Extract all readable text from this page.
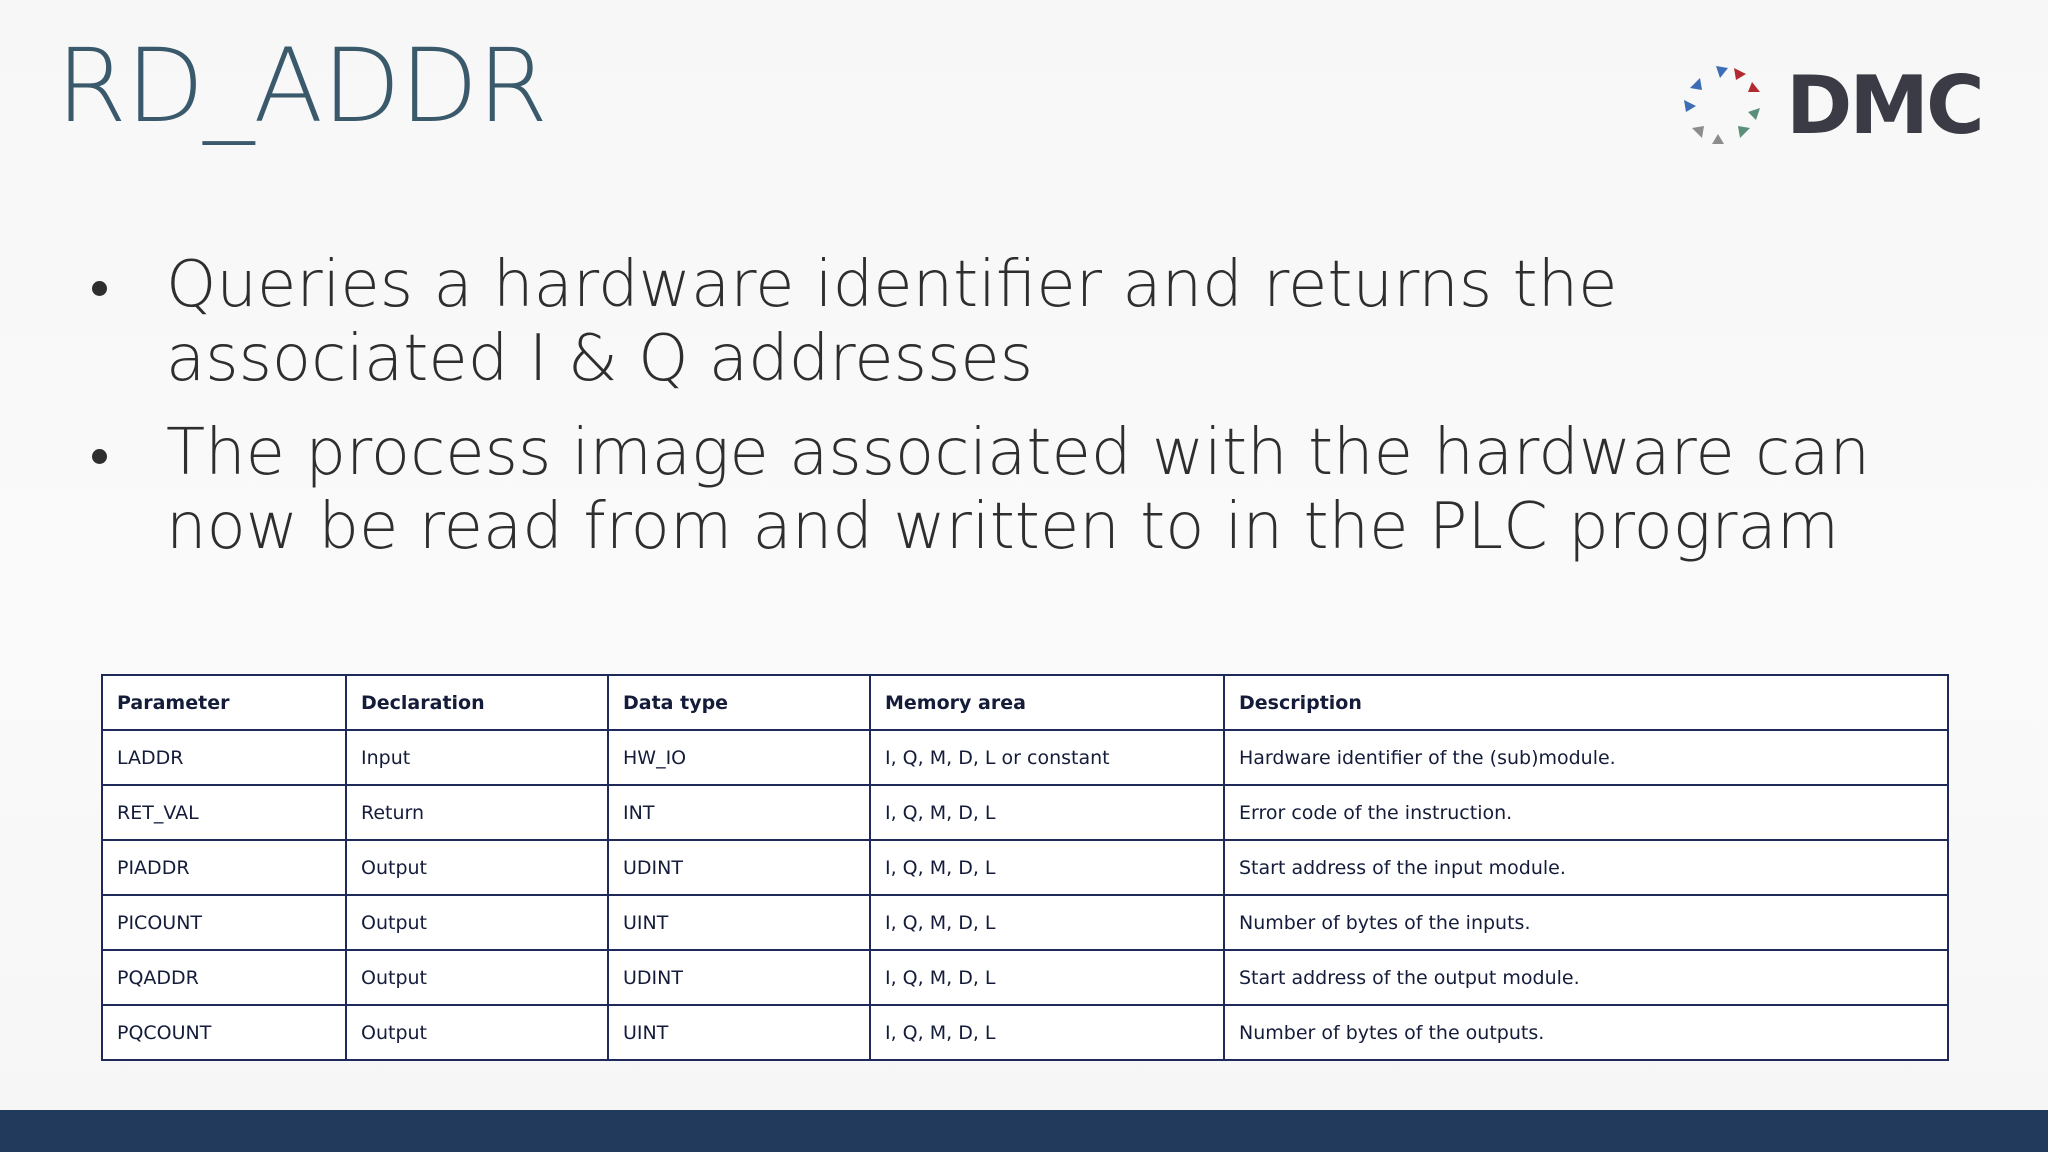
RD_ADDR	DMC
Queries a hardware identifier and returns the associated I & Q addresses
The process image associated with the hardware can now be read from and written to in the PLC program
Parameter	Declaration	Data type	Memory area	Description
LADDR	Input	HW_IO	I, Q, M, D, L or constant	Hardware identifier of the (sub)module.
RET_VAL	Return	INT	I, Q, M, D, L	Error code of the instruction.
PIADDR	Output	UDINT	I, Q, M, D, L	Start address of the input module.
PICOUNT	Output	UINT	I, Q, M, D, L	Number of bytes of the inputs.
PQADDR	Output	UDINT	I, Q, M, D, L	Start address of the output module.
PQCOUNT	Output	UINT	I, Q, M, D, L	Number of bytes of the outputs.
